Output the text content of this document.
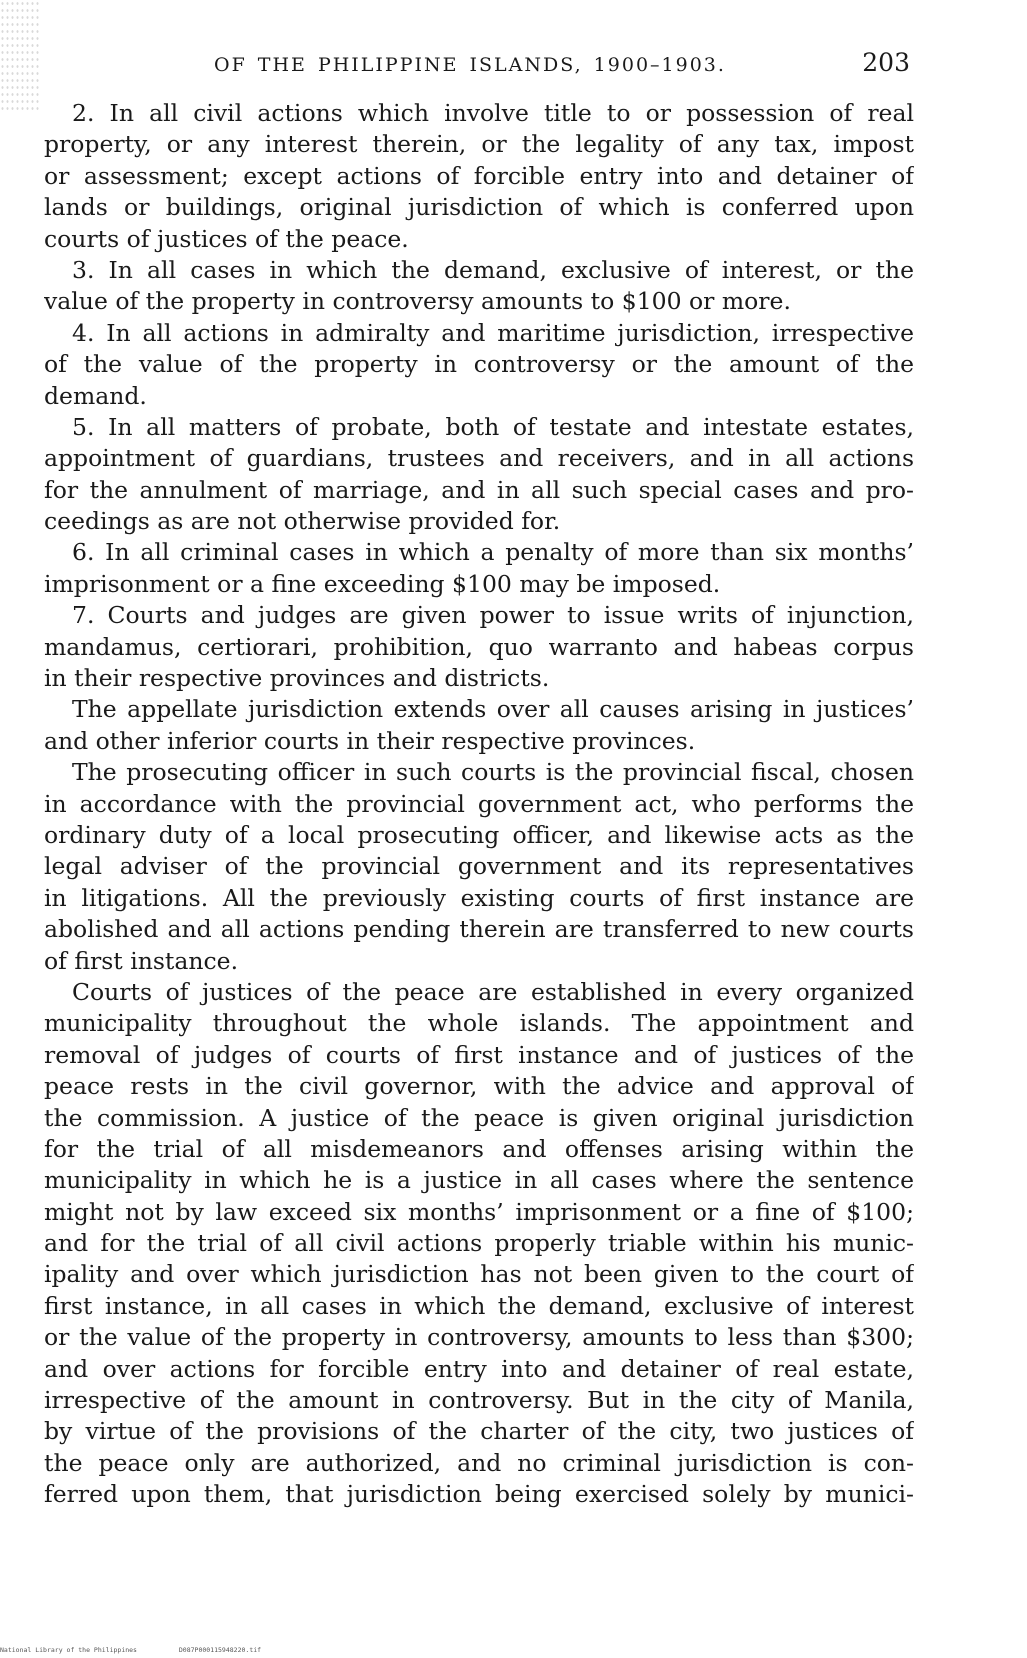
OF THE PHILIPPINE ISLANDS, 1900–1903.	203
2. In all civil actions which involve title to or possession of real
property, or any interest therein, or the legality of any tax, impost
or assessment; except actions of forcible entry into and detainer of
lands or buildings, original jurisdiction of which is conferred upon
courts of justices of the peace.
3. In all cases in which the demand, exclusive of interest, or the
value of the property in controversy amounts to $100 or more.
4. In all actions in admiralty and maritime jurisdiction, irrespective
of the value of the property in controversy or the amount of the
demand.
5. In all matters of probate, both of testate and intestate estates,
appointment of guardians, trustees and receivers, and in all actions
for the annulment of marriage, and in all such special cases and pro-
ceedings as are not otherwise provided for.
6. In all criminal cases in which a penalty of more than six months’
imprisonment or a fine exceeding $100 may be imposed.
7. Courts and judges are given power to issue writs of injunction,
mandamus, certiorari, prohibition, quo warranto and habeas corpus
in their respective provinces and districts.
The appellate jurisdiction extends over all causes arising in justices’
and other inferior courts in their respective provinces.
The prosecuting officer in such courts is the provincial fiscal, chosen
in accordance with the provincial government act, who performs the
ordinary duty of a local prosecuting officer, and likewise acts as the
legal adviser of the provincial government and its representatives
in litigations. All the previously existing courts of first instance are
abolished and all actions pending therein are transferred to new courts
of first instance.
Courts of justices of the peace are established in every organized
municipality throughout the whole islands. The appointment and
removal of judges of courts of first instance and of justices of the
peace rests in the civil governor, with the advice and approval of
the commission. A justice of the peace is given original jurisdiction
for the trial of all misdemeanors and offenses arising within the
municipality in which he is a justice in all cases where the sentence
might not by law exceed six months’ imprisonment or a fine of $100;
and for the trial of all civil actions properly triable within his munic-
ipality and over which jurisdiction has not been given to the court of
first instance, in all cases in which the demand, exclusive of interest
or the value of the property in controversy, amounts to less than $300;
and over actions for forcible entry into and detainer of real estate,
irrespective of the amount in controversy. But in the city of Manila,
by virtue of the provisions of the charter of the city, two justices of
the peace only are authorized, and no criminal jurisdiction is con-
ferred upon them, that jurisdiction being exercised solely by munici-
National Library of the Philippines	D087P000115948220.tif
